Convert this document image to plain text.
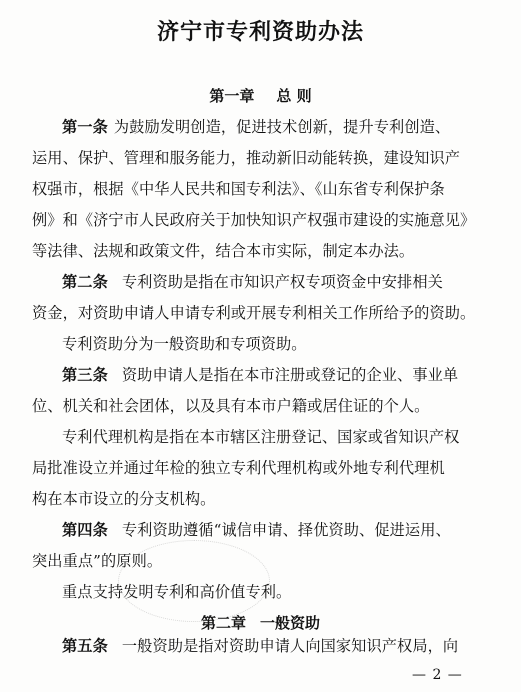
济宁市专利资助办法
第一章 总 则
第一条 为鼓励发明创造，促进技术创新，提升专利创造、
运用、保护、管理和服务能力，推动新旧动能转换，建设知识产
权强市，根据《中华人民共和国专利法》、《山东省专利保护条
例》和《济宁市人民政府关于加快知识产权强市建设的实施意见》
等法律、法规和政策文件，结合本市实际，制定本办法。
第二条 专利资助是指在市知识产权专项资金中安排相关
资金，对资助申请人申请专利或开展专利相关工作所给予的资助。
专利资助分为一般资助和专项资助。
第三条 资助申请人是指在本市注册或登记的企业、事业单
位、机关和社会团体，以及具有本市户籍或居住证的个人。
专利代理机构是指在本市辖区注册登记、国家或省知识产权
局批准设立并通过年检的独立专利代理机构或外地专利代理机
构在本市设立的分支机构。
第四条 专利资助遵循“诚信申请、择优资助、促进运用、
突出重点”的原则。
重点支持发明专利和高价值专利。
第二章 一般资助
第五条 一般资助是指对资助申请人向国家知识产权局，向
— 2 —
